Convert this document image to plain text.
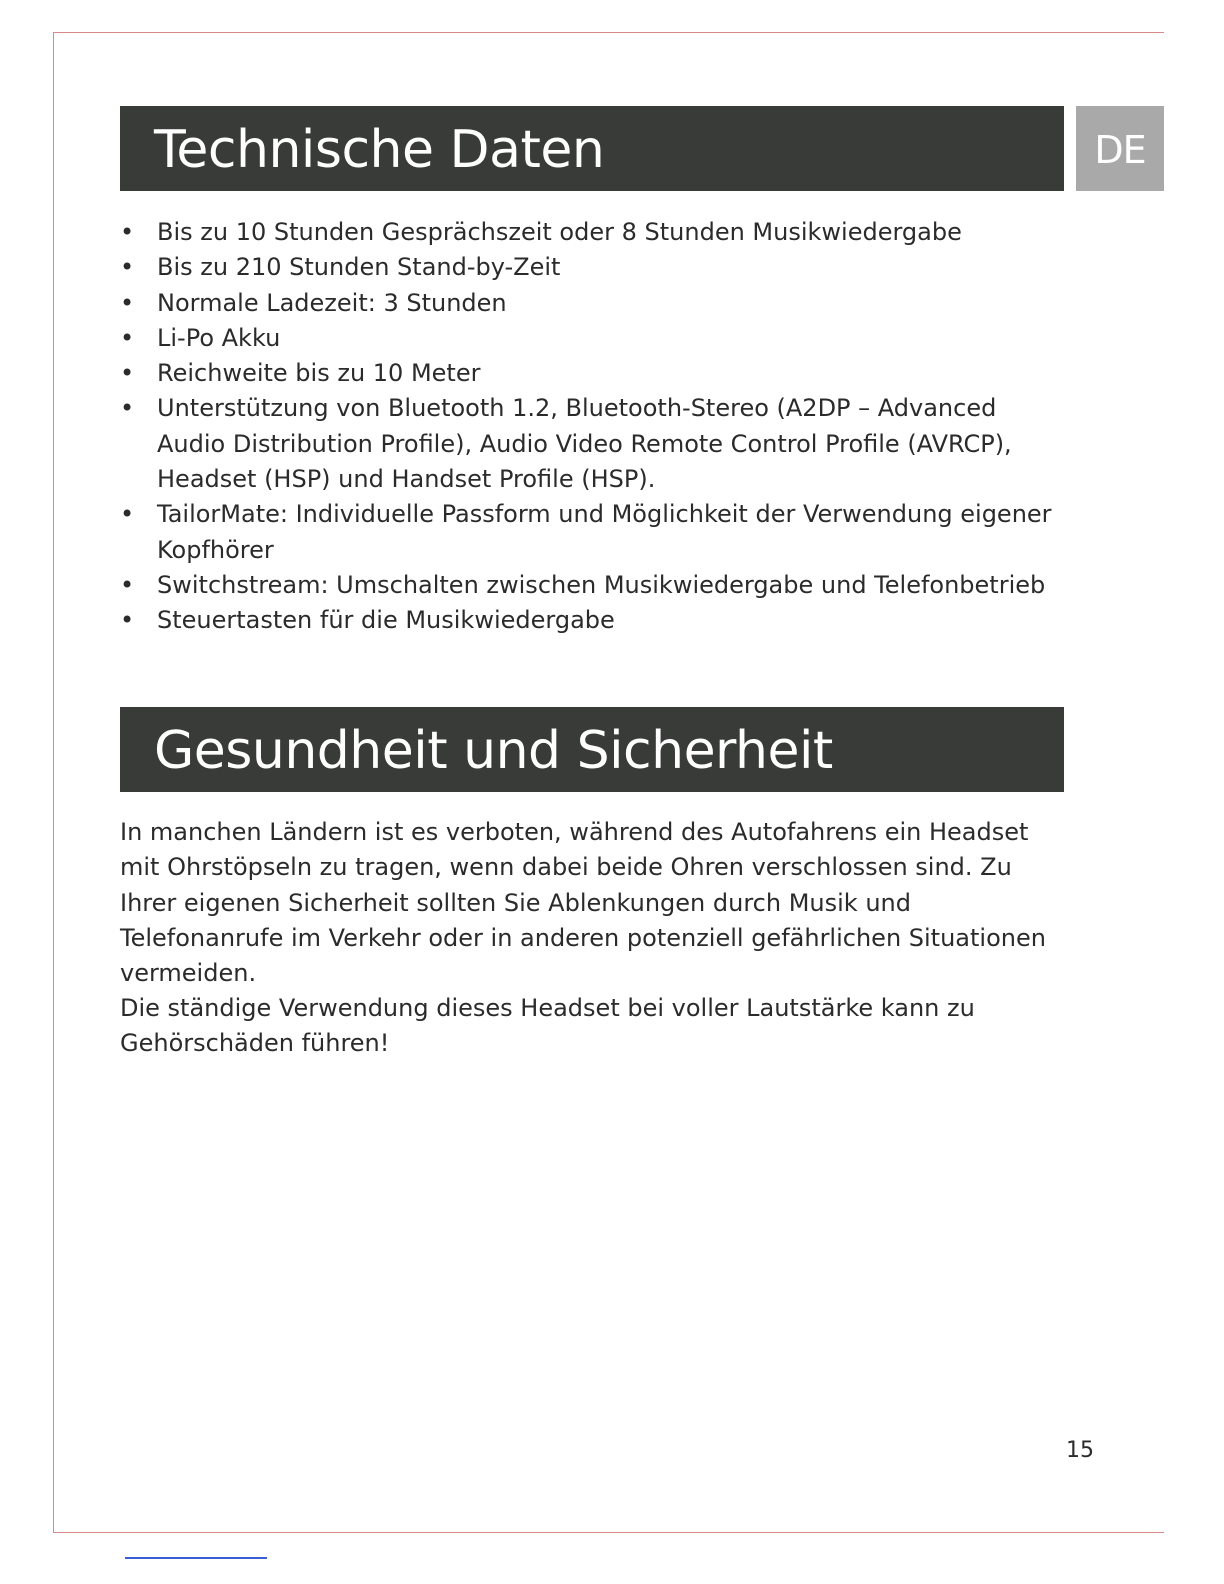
Technische Daten	DE
• Bis zu 10 Stunden Gesprächszeit oder 8 Stunden Musikwiedergabe
• Bis zu 210 Stunden Stand-by-Zeit
• Normale Ladezeit: 3 Stunden
• Li-Po Akku
• Reichweite bis zu 10 Meter
• Unterstützung von Bluetooth 1.2, Bluetooth-Stereo (A2DP – Advanced Audio Distribution Profile), Audio Video Remote Control Profile (AVRCP), Headset (HSP) und Handset Profile (HSP).
• TailorMate: Individuelle Passform und Möglichkeit der Verwendung eigener Kopfhörer
• Switchstream: Umschalten zwischen Musikwiedergabe und Telefonbetrieb
• Steuertasten für die Musikwiedergabe
Gesundheit und Sicherheit

In manchen Ländern ist es verboten, während des Autofahrens ein Headset mit Ohrstöpseln zu tragen, wenn dabei beide Ohren verschlossen sind. Zu Ihrer eigenen Sicherheit sollten Sie Ablenkungen durch Musik und Telefonanrufe im Verkehr oder in anderen potenziell gefährlichen Situationen vermeiden.

Die ständige Verwendung dieses Headset bei voller Lautstärke kann zu Gehörschäden führen!

15
